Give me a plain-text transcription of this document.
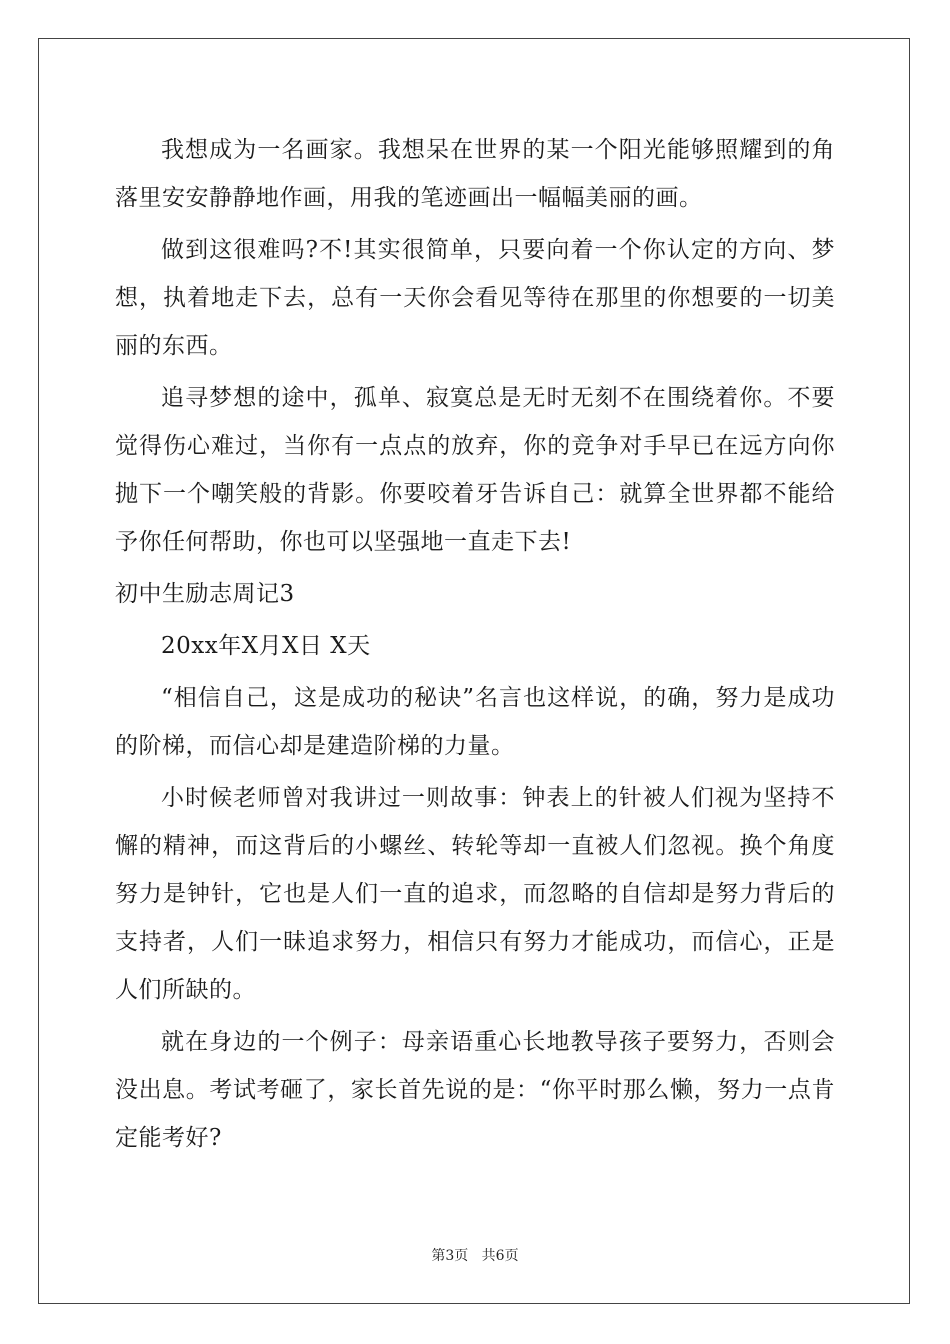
我想成为一名画家。我想呆在世界的某一个阳光能够照耀到的角落里安安静静地作画，用我的笔迹画出一幅幅美丽的画。

做到这很难吗?不!其实很简单，只要向着一个你认定的方向、梦想，执着地走下去，总有一天你会看见等待在那里的你想要的一切美丽的东西。

追寻梦想的途中，孤单、寂寞总是无时无刻不在围绕着你。不要觉得伤心难过，当你有一点点的放弃，你的竞争对手早已在远方向你抛下一个嘲笑般的背影。你要咬着牙告诉自己：就算全世界都不能给予你任何帮助，你也可以坚强地一直走下去!

初中生励志周记3

20xx年X月X日 X天

“相信自己，这是成功的秘诀”名言也这样说，的确，努力是成功的阶梯，而信心却是建造阶梯的力量。

小时候老师曾对我讲过一则故事：钟表上的针被人们视为坚持不懈的精神，而这背后的小螺丝、转轮等却一直被人们忽视。换个角度努力是钟针，它也是人们一直的追求，而忽略的自信却是努力背后的支持者，人们一昧追求努力，相信只有努力才能成功，而信心，正是人们所缺的。

就在身边的一个例子：母亲语重心长地教导孩子要努力，否则会没出息。考试考砸了，家长首先说的是：“你平时那么懒，努力一点肯定能考好?

第3页 共6页
